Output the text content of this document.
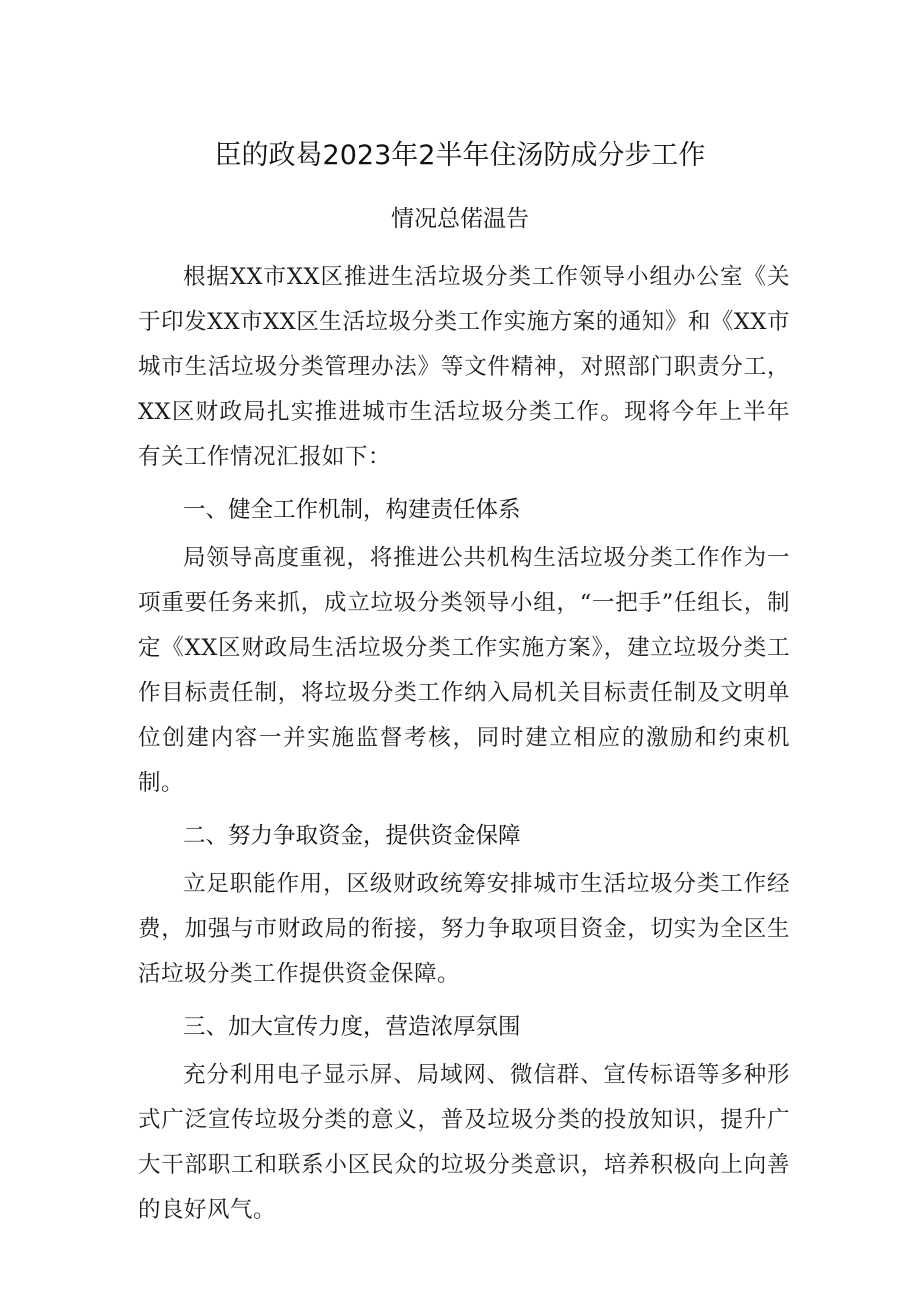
臣的政曷2023年2半年住汤防成分步工作
情况总偌温告

根据XX市XX区推进生活垃圾分类工作领导小组办公室《关于印发XX市XX区生活垃圾分类工作实施方案的通知》和《XX市城市生活垃圾分类管理办法》等文件精神，对照部门职责分工，XX区财政局扎实推进城市生活垃圾分类工作。现将今年上半年有关工作情况汇报如下：

一、健全工作机制，构建责任体系

局领导高度重视，将推进公共机构生活垃圾分类工作作为一项重要任务来抓，成立垃圾分类领导小组，“一把手”任组长，制定《XX区财政局生活垃圾分类工作实施方案》，建立垃圾分类工作目标责任制，将垃圾分类工作纳入局机关目标责任制及文明单位创建内容一并实施监督考核，同时建立相应的激励和约束机制。

二、努力争取资金，提供资金保障

立足职能作用，区级财政统筹安排城市生活垃圾分类工作经费，加强与市财政局的衔接，努力争取项目资金，切实为全区生活垃圾分类工作提供资金保障。

三、加大宣传力度，营造浓厚氛围

充分利用电子显示屏、局域网、微信群、宣传标语等多种形式广泛宣传垃圾分类的意义，普及垃圾分类的投放知识，提升广大干部职工和联系小区民众的垃圾分类意识，培养积极向上向善的良好风气。
